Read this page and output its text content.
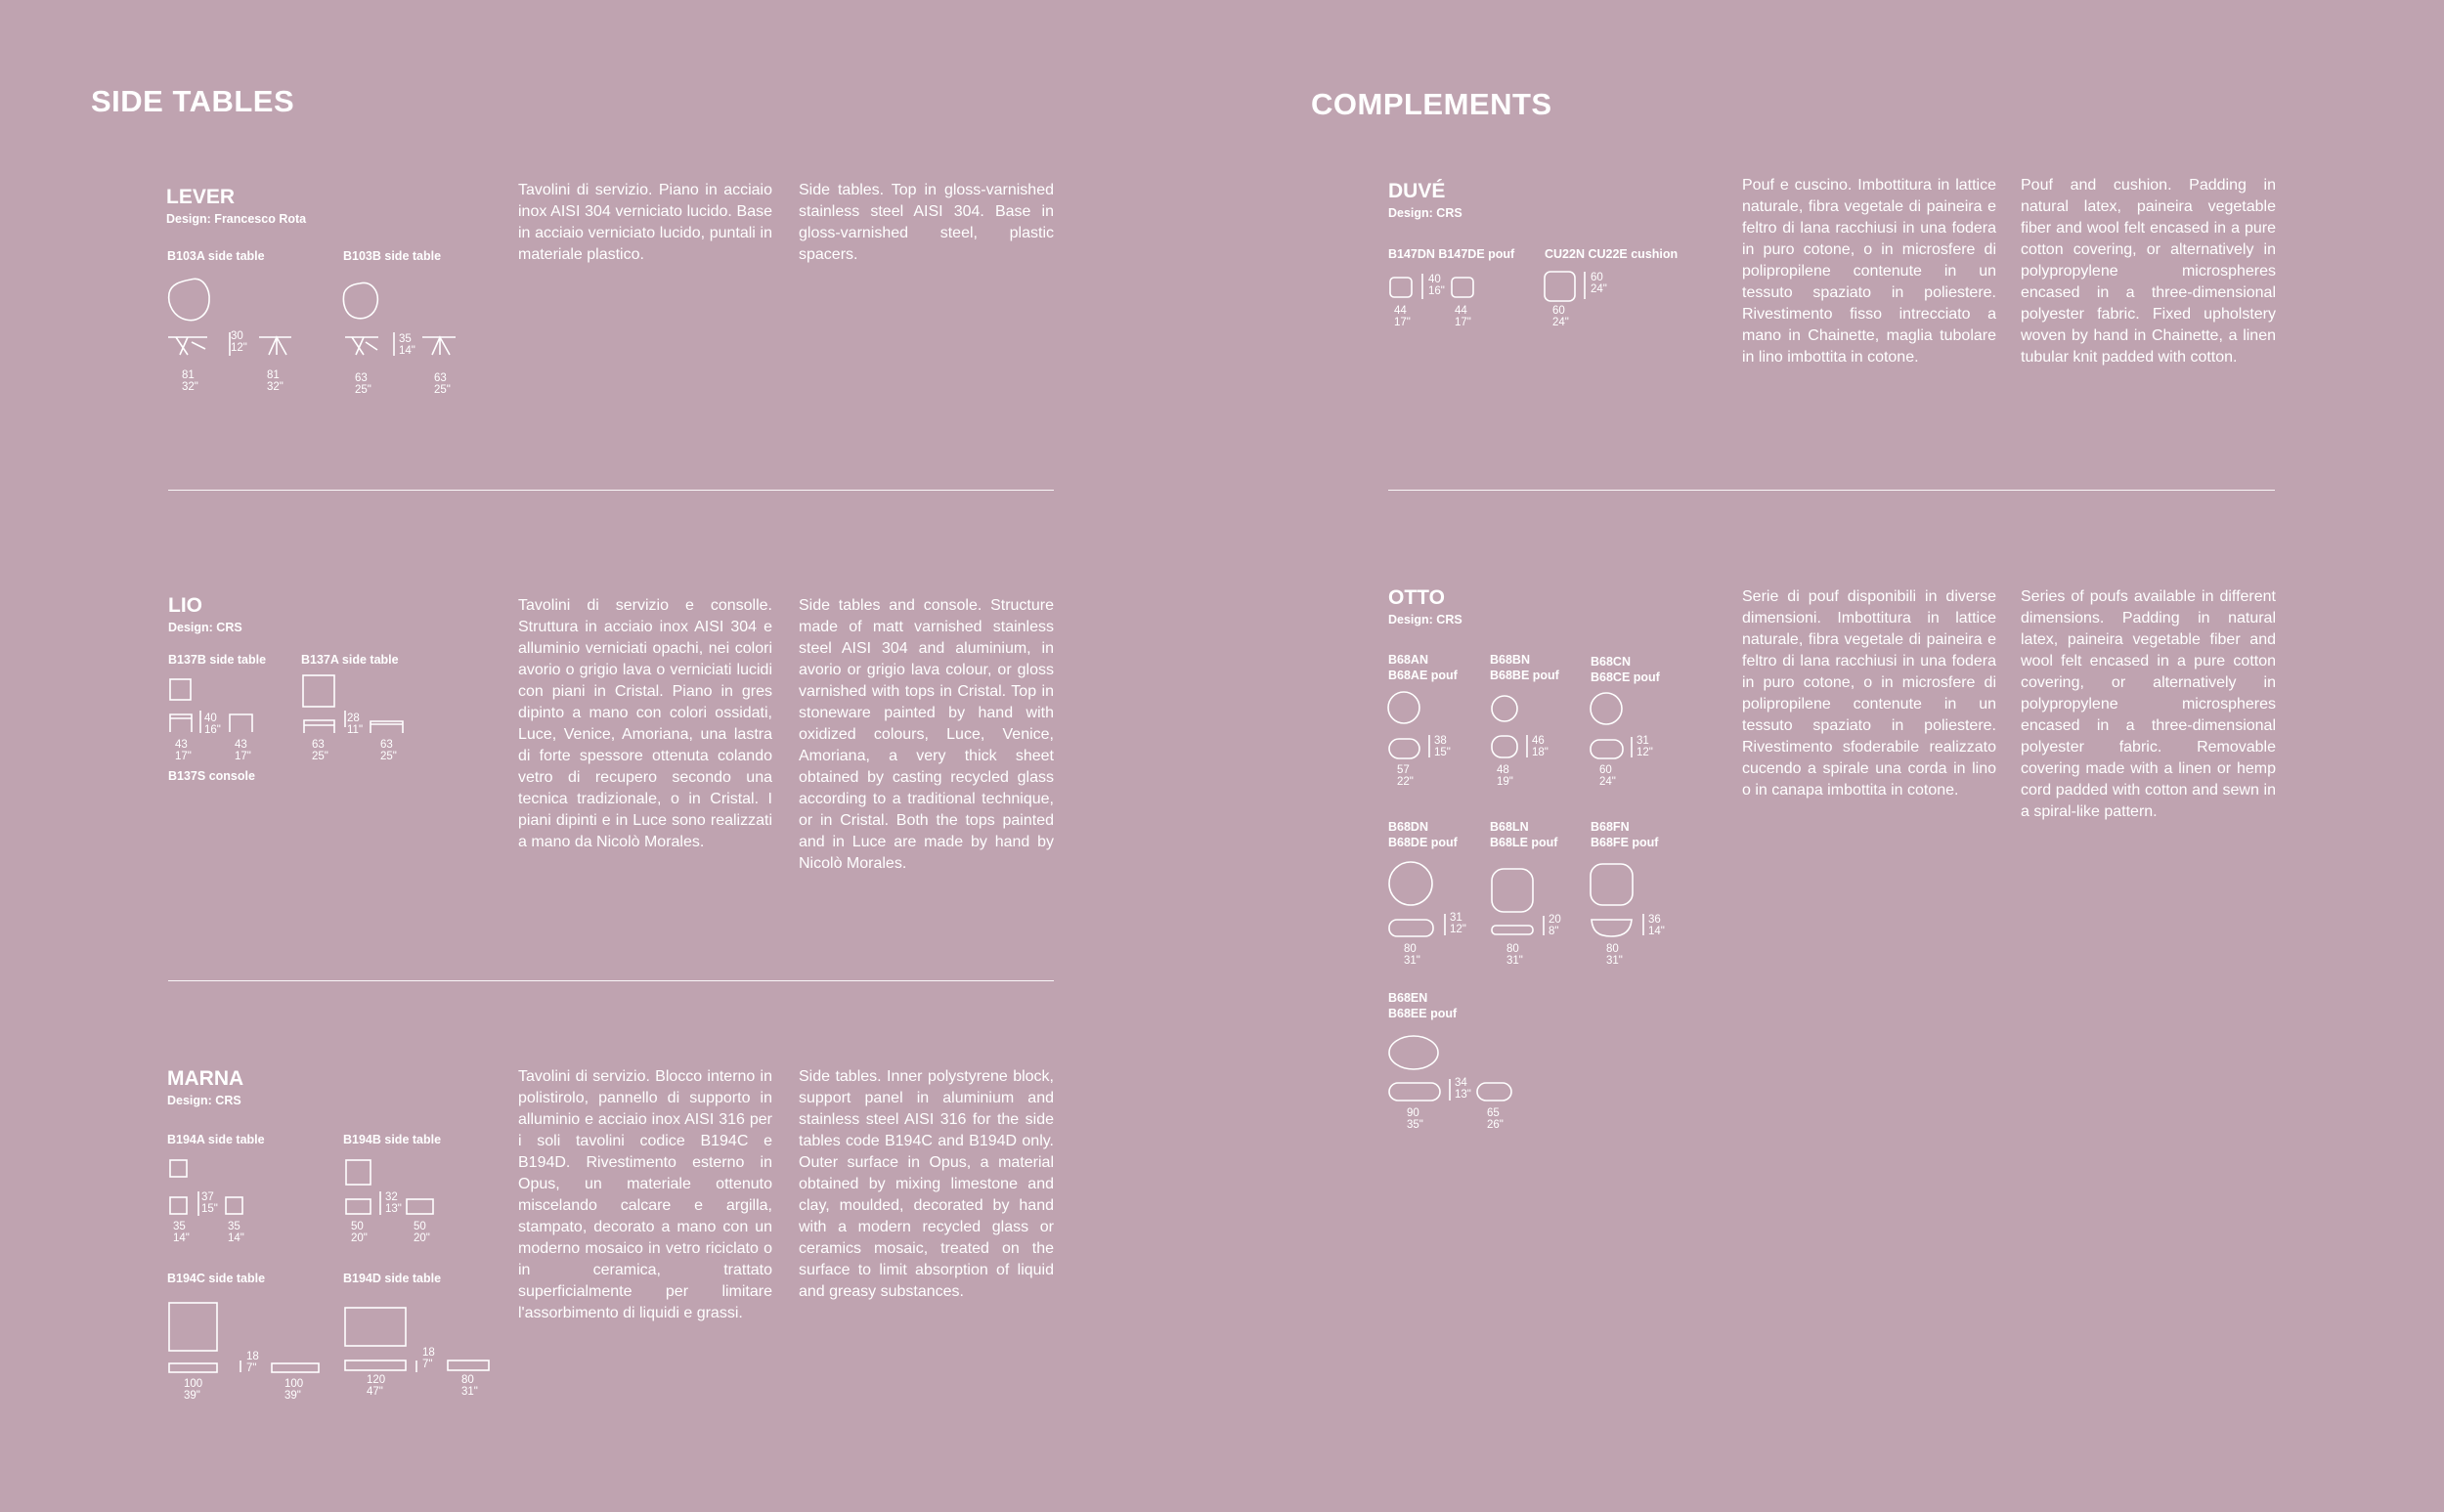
SIDE TABLES
LEVER
Design: Francesco Rota
B103A side table	B103B side table
30
12"
81
32"
81
32"
35
14"
63
25"
63
25"
Tavolini di servizio. Piano in acciaio inox AISI 304 verniciato lucido. Base in acciaio verniciato lucido, puntali in materiale plastico.
Side tables. Top in gloss-varnished stainless steel AISI 304. Base in gloss-varnished steel, plastic spacers.
LIO
Design: CRS
B137B side table	B137A side table
B137S console
40
16"
43
17"
43
17"
28
11"
63
25"
63
25"
Tavolini di servizio e consolle. Struttura in acciaio inox AISI 304 e alluminio verniciati opachi, nei colori avorio o grigio lava o verniciati lucidi con piani in Cristal. Piano in gres dipinto a mano con colori ossidati, Luce, Venice, Amoriana, una lastra di forte spessore ottenuta colando vetro di recupero secondo una tecnica tradizionale, o in Cristal. I piani dipinti e in Luce sono realizzati a mano da Nicolò Morales.
Side tables and console. Structure made of matt varnished stainless steel AISI 304 and aluminium, in avorio or grigio lava colour, or gloss varnished with tops in Cristal. Top in stoneware painted by hand with oxidized colours, Luce, Venice, Amoriana, a very thick sheet obtained by casting recycled glass according to a traditional technique, or in Cristal. Both the tops painted and in Luce are made by hand by Nicolò Morales.
MARNA
Design: CRS
B194A side table	B194B side table
B194C side table	B194D side table
37
15"
35
14"
35
14"
32
13"
50
20"
50
20"
18
7"
100
39"
100
39"
18
7"
120
47"
80
31"
Tavolini di servizio. Blocco interno in polistirolo, pannello di supporto in alluminio e acciaio inox AISI 316 per i soli tavolini codice B194C e B194D. Rivestimento esterno in Opus, un materiale ottenuto miscelando calcare e argilla, stampato, decorato a mano con un moderno mosaico in vetro riciclato o in ceramica, trattato superficialmente per limitare l'assorbimento di liquidi e grassi.
Side tables. Inner polystyrene block, support panel in aluminium and stainless steel AISI 316 for the side tables code B194C and B194D only. Outer surface in Opus, a material obtained by mixing limestone and clay, moulded, decorated by hand with a modern recycled glass or ceramics mosaic, treated on the surface to limit absorption of liquid and greasy substances.
COMPLEMENTS
DUVÉ
Design: CRS
B147DN B147DE pouf CU22N CU22E cushion
40
16"
44
17"
44
17"
60
24"
60
24"
Pouf e cuscino. Imbottitura in lattice naturale, fibra vegetale di paineira e feltro di lana racchiusi in una fodera in puro cotone, o in microsfere di polipropilene contenute in un tessuto spaziato in poliestere. Rivestimento fisso intrecciato a mano in Chainette, maglia tubolare in lino imbottita in cotone.
Pouf and cushion. Padding in natural latex, paineira vegetable fiber and wool felt encased in a pure cotton covering, or alternatively in polypropylene microspheres encased in a three-dimensional polyester fabric. Fixed upholstery woven by hand in Chainette, a linen tubular knit padded with cotton.
OTTO
Design: CRS
B68AN
B68AE pouf
B68BN
B68BE pouf
B68CN
B68CE pouf
B68DN
B68DE pouf
B68LN
B68LE pouf
B68FN
B68FE pouf
B68EN
B68EE pouf
38
15"
57
22"
46
18"
48
19"
31
12"
60
24"
31
12"
80
31"
20
8"
80
31"
36
14"
80
31"
34
13"
90
35"
65
26"
Serie di pouf disponibili in diverse dimensioni. Imbottitura in lattice naturale, fibra vegetale di paineira e feltro di lana racchiusi in una fodera in puro cotone, o in microsfere di polipropilene contenute in un tessuto spaziato in poliestere. Rivestimento sfoderabile realizzato cucendo a spirale una corda in lino o in canapa imbottita in cotone.
Series of poufs available in different dimensions. Padding in natural latex, paineira vegetable fiber and wool felt encased in a pure cotton covering, or alternatively in polypropylene microspheres encased in a three-dimensional polyester fabric. Removable covering made with a linen or hemp cord padded with cotton and sewn in a spiral-like pattern.
